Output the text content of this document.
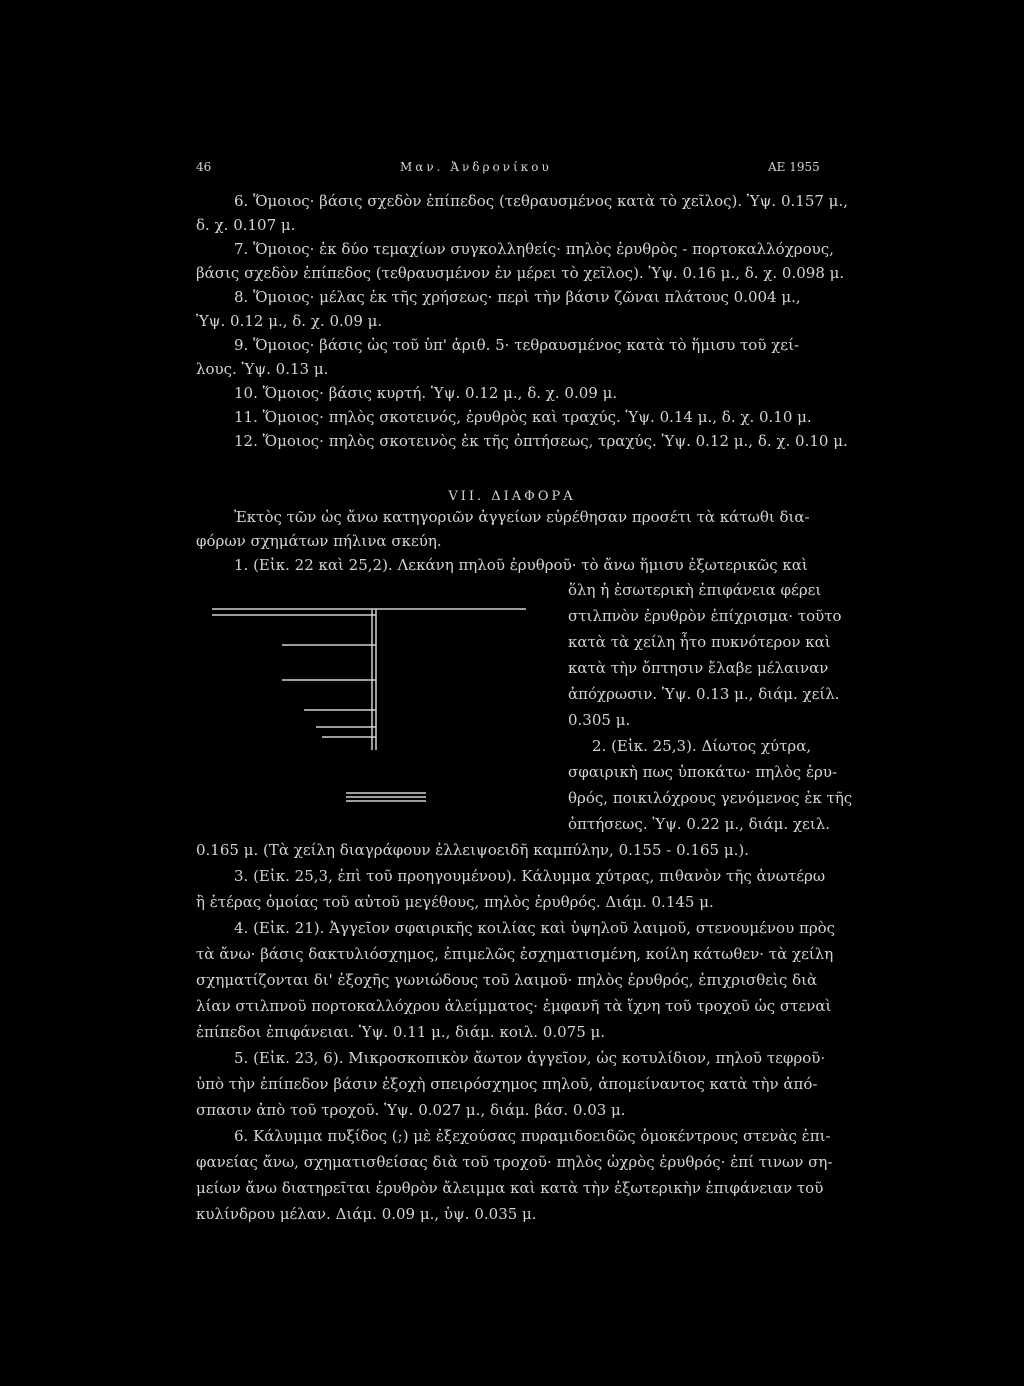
46	Μαν. Ἀνδρονίκου	ΑΕ 1955
VII. ΔΙΑΦΟΡΑ
6. Ὅμοιος· βάσις σχεδὸν ἐπίπεδος (τεθραυσμένος κατὰ τὸ χεῖλος). Ὑψ. 0.157 μ.,
δ. χ. 0.107 μ.
7. Ὅμοιος· ἐκ δύο τεμαχίων συγκολληθείς· πηλὸς ἐρυθρὸς - πορτοκαλλόχρους,
βάσις σχεδὸν ἐπίπεδος (τεθραυσμένον ἐν μέρει τὸ χεῖλος). Ὑψ. 0.16 μ., δ. χ. 0.098 μ.
8. Ὅμοιος· μέλας ἐκ τῆς χρήσεως· περὶ τὴν βάσιν ζῶναι πλάτους 0.004 μ.,
Ὑψ. 0.12 μ., δ. χ. 0.09 μ.
9. Ὅμοιος· βάσις ὡς τοῦ ὑπ' ἀριθ. 5· τεθραυσμένος κατὰ τὸ ἥμισυ τοῦ χεί-
λους. Ὑψ. 0.13 μ.
10. Ὅμοιος· βάσις κυρτή. Ὑψ. 0.12 μ., δ. χ. 0.09 μ.
11. Ὅμοιος· πηλὸς σκοτεινός, ἐρυθρὸς καὶ τραχύς. Ὑψ. 0.14 μ., δ. χ. 0.10 μ.
12. Ὅμοιος· πηλὸς σκοτεινὸς ἐκ τῆς ὀπτήσεως, τραχύς. Ὑψ. 0.12 μ., δ. χ. 0.10 μ.
Ἐκτὸς τῶν ὡς ἄνω κατηγοριῶν ἀγγείων εὑρέθησαν προσέτι τὰ κάτωθι δια-
φόρων σχημάτων πήλινα σκεύη.
1. (Εἰκ. 22 καὶ 25,2). Λεκάνη πηλοῦ ἐρυθροῦ· τὸ ἄνω ἥμισυ ἐξωτερικῶς καὶ
ὅλη ἡ ἐσωτερικὴ ἐπιφάνεια φέρει
στιλπνὸν ἐρυθρὸν ἐπίχρισμα· τοῦτο
κατὰ τὰ χείλη ἦτο πυκνότερον καὶ
κατὰ τὴν ὄπτησιν ἔλαβε μέλαιναν
ἀπόχρωσιν. Ὑψ. 0.13 μ., διάμ. χείλ.
0.305 μ.
2. (Εἰκ. 25,3). Δίωτος χύτρα,
σφαιρικὴ πως ὑποκάτω· πηλὸς ἐρυ-
θρός, ποικιλόχρους γενόμενος ἐκ τῆς
ὀπτήσεως. Ὑψ. 0.22 μ., διάμ. χειλ.
0.165 μ. (Τὰ χείλη διαγράφουν ἐλλειψοειδῆ καμπύλην, 0.155 - 0.165 μ.).
3. (Εἰκ. 25,3, ἐπὶ τοῦ προηγουμένου). Κάλυμμα χύτρας, πιθανὸν τῆς ἀνωτέρω
ἢ ἑτέρας ὁμοίας τοῦ αὐτοῦ μεγέθους, πηλὸς ἐρυθρός. Διάμ. 0.145 μ.
4. (Εἰκ. 21). Ἀγγεῖον σφαιρικῆς κοιλίας καὶ ὑψηλοῦ λαιμοῦ, στενουμένου πρὸς
τὰ ἄνω· βάσις δακτυλιόσχημος, ἐπιμελῶς ἐσχηματισμένη, κοίλη κάτωθεν· τὰ χείλη
σχηματίζονται δι' ἐξοχῆς γωνιώδους τοῦ λαιμοῦ· πηλὸς ἐρυθρός, ἐπιχρισθεὶς διὰ
λίαν στιλπνοῦ πορτοκαλλόχρου ἀλείμματος· ἐμφανῆ τὰ ἴχνη τοῦ τροχοῦ ὡς στεναὶ
ἐπίπεδοι ἐπιφάνειαι. Ὑψ. 0.11 μ., διάμ. κοιλ. 0.075 μ.
5. (Εἰκ. 23, 6). Μικροσκοπικὸν ἄωτον ἀγγεῖον, ὡς κοτυλίδιον, πηλοῦ τεφροῦ·
ὑπὸ τὴν ἐπίπεδον βάσιν ἐξοχὴ σπειρόσχημος πηλοῦ, ἀπομείναντος κατὰ τὴν ἀπό-
σπασιν ἀπὸ τοῦ τροχοῦ. Ὑψ. 0.027 μ., διάμ. βάσ. 0.03 μ.
6. Κάλυμμα πυξίδος (;) μὲ ἐξεχούσας πυραμιδοειδῶς ὁμοκέντρους στενὰς ἐπι-
φανείας ἄνω, σχηματισθείσας διὰ τοῦ τροχοῦ· πηλὸς ὠχρὸς ἐρυθρός· ἐπί τινων ση-
μείων ἄνω διατηρεῖται ἐρυθρὸν ἄλειμμα καὶ κατὰ τὴν ἐξωτερικὴν ἐπιφάνειαν τοῦ
κυλίνδρου μέλαν. Διάμ. 0.09 μ., ὑψ. 0.035 μ.
